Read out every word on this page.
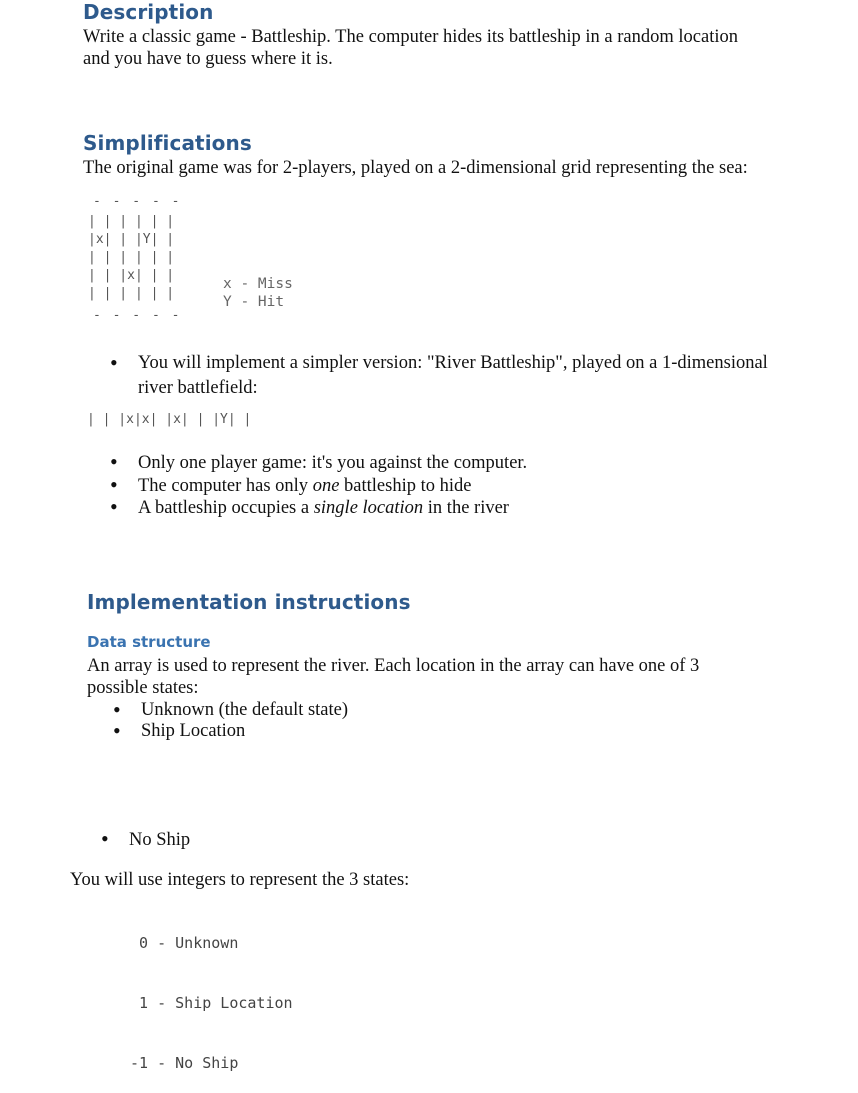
Description
Write a classic game - Battleship. The computer hides its battleship in a random location
and you have to guess where it is.
Simplifications
The original game was for 2-players, played on a 2-dimensional grid representing the sea:
- - - - -
| | | | | |
|x| | |Y| |
| | | | | |
| | |x| | |
| | | | | |
- - - - -
x - Miss
Y - Hit
• You will implement a simpler version: "River Battleship", played on a 1-dimensional
river battlefield:
| | |x|x| |x| | |Y| |
• Only one player game: it's you against the computer.
• The computer has only one battleship to hide
• A battleship occupies a single location in the river
Implementation instructions
Data structure
An array is used to represent the river. Each location in the array can have one of 3
possible states:
• Unknown (the default state)
• Ship Location
• No Ship
You will use integers to represent the 3 states:

0 - Unknown

1 - Ship Location

-1 - No Ship
